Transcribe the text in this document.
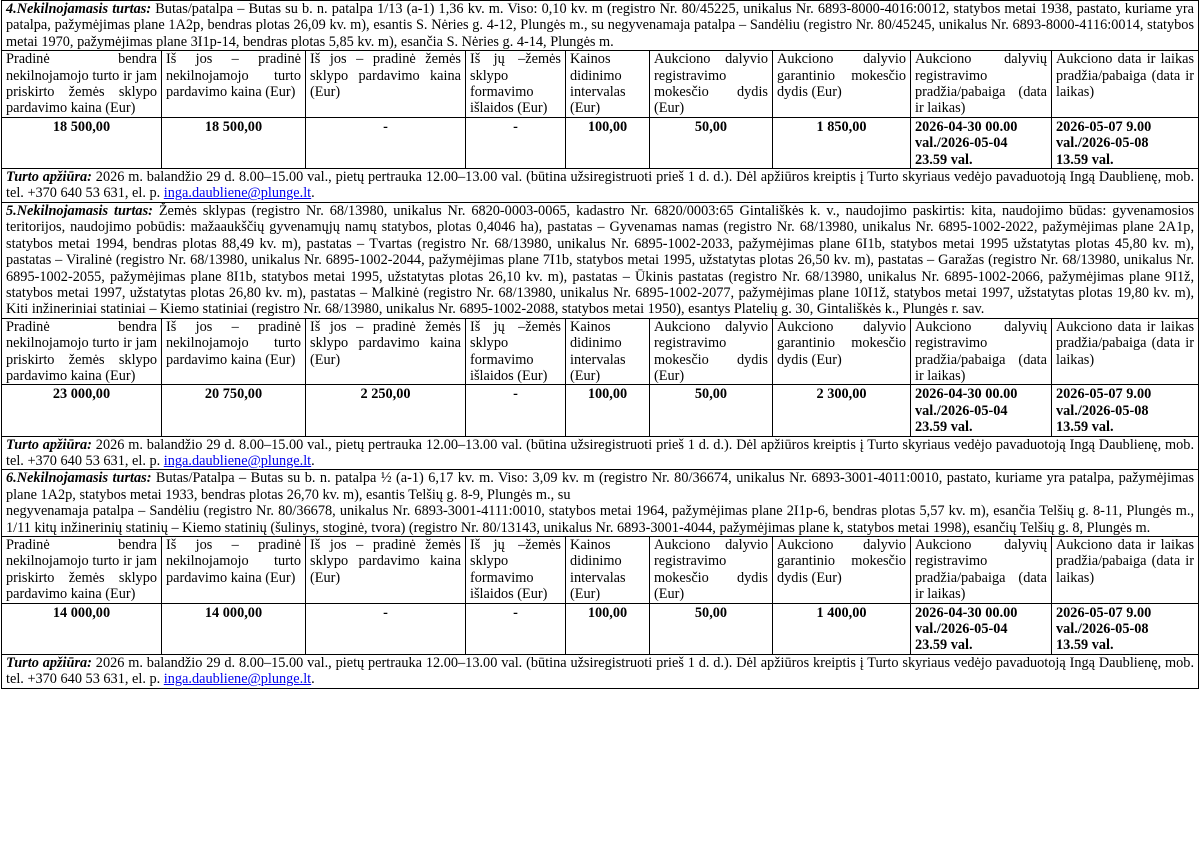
4.Nekilnojamasis turtas: Butas/patalpa – Butas su b. n. patalpa 1/13 (a-1) 1,36 kv. m. Viso: 0,10 kv. m (registro Nr. 80/45225, unikalus Nr. 6893-8000-4016:0012, statybos metai 1938, pastato, kuriame yra patalpa, pažymėjimas plane 1A2p, bendras plotas 26,09 kv. m), esantis S. Nėries g. 4-12, Plungės m., su negyvenamaja patalpa – Sandėliu (registro Nr. 80/45245, unikalus Nr. 6893-8000-4116:0014, statybos metai 1970, pažymėjimas plane 3I1p-14, bendras plotas 5,85 kv. m), esančia S. Nėries g. 4-14, Plungės m.								
Pradinė bendra nekilnojamojo turto ir jam priskirto žemės sklypo pardavimo kaina (Eur)	Iš jos – pradinė nekilnojamojo turto pardavimo kaina (Eur)	Iš jos – pradinė žemės sklypo pardavimo kaina (Eur)	Iš jų –žemės sklypo formavimo išlaidos (Eur)	Kainos didinimo intervalas (Eur)	Aukciono dalyvio registravimo mokesčio dydis (Eur)	Aukciono dalyvio garantinio mokesčio dydis (Eur)	Aukciono dalyvių registravimo pradžia/pabaiga (data ir laikas)	Aukciono data ir laikas pradžia/pabaiga (data ir laikas)
18 500,00	18 500,00	-	-	100,00	50,00	1 850,00	2026-04-30 00.00
val./2026-05-04
23.59 val.	2026-05-07 9.00
val./2026-05-08
13.59 val.

Turto apžiūra: 2026 m. balandžio 29 d. 8.00–15.00 val., pietų pertrauka 12.00–13.00 val. (būtina užsiregistruoti prieš 1 d. d.). Dėl apžiūros kreiptis į Turto skyriaus vedėjo pavaduotoją Ingą Daublienę, mob. tel. +370 640 53 631, el. p. inga.daubliene@plunge.lt.								
5.Nekilnojamasis turtas: Žemės sklypas (registro Nr. 68/13980, unikalus Nr. 6820-0003-0065, kadastro Nr. 6820/0003:65 Gintališkės k. v., naudojimo paskirtis: kita, naudojimo būdas: gyvenamosios teritorijos, naudojimo pobūdis: mažaaukščių gyvenamųjų namų statybos, plotas 0,4046 ha), pastatas – Gyvenamas namas (registro Nr. 68/13980, unikalus Nr. 6895-1002-2022, pažymėjimas plane 2A1p, statybos metai 1994, bendras plotas 88,49 kv. m), pastatas – Tvartas (registro Nr. 68/13980, unikalus Nr. 6895-1002-2033, pažymėjimas plane 6I1b, statybos metai 1995 užstatytas plotas 45,80 kv. m), pastatas – Viralinė (registro Nr. 68/13980, unikalus Nr. 6895-1002-2044, pažymėjimas plane 7I1b, statybos metai 1995, užstatytas plotas 26,50 kv. m), pastatas – Garažas (registro Nr. 68/13980, unikalus Nr. 6895-1002-2055, pažymėjimas plane 8I1b, statybos metai 1995, užstatytas plotas 26,10 kv. m), pastatas – Ūkinis pastatas (registro Nr. 68/13980, unikalus Nr. 6895-1002-2066, pažymėjimas plane 9I1ž, statybos metai 1997, užstatytas plotas 26,80 kv. m), pastatas – Malkinė (registro Nr. 68/13980, unikalus Nr. 6895-1002-2077, pažymėjimas plane 10I1ž, statybos metai 1997, užstatytas plotas 19,80 kv. m), Kiti inžineriniai statiniai – Kiemo statiniai (registro Nr. 68/13980, unikalus Nr. 6895-1002-2088, statybos metai 1950), esantys Platelių g. 30, Gintališkės k., Plungės r. sav.								
Pradinė bendra nekilnojamojo turto ir jam priskirto žemės sklypo pardavimo kaina (Eur)	Iš jos – pradinė nekilnojamojo turto pardavimo kaina (Eur)	Iš jos – pradinė žemės sklypo pardavimo kaina (Eur)	Iš jų –žemės sklypo formavimo išlaidos (Eur)	Kainos didinimo intervalas (Eur)	Aukciono dalyvio registravimo mokesčio dydis (Eur)	Aukciono dalyvio garantinio mokesčio dydis (Eur)	Aukciono dalyvių registravimo pradžia/pabaiga (data ir laikas)	Aukciono data ir laikas pradžia/pabaiga (data ir laikas)
23 000,00	20 750,00	2 250,00	-	100,00	50,00	2 300,00	2026-04-30 00.00
val./2026-05-04
23.59 val.	2026-05-07 9.00
val./2026-05-08
13.59 val.

Turto apžiūra: 2026 m. balandžio 29 d. 8.00–15.00 val., pietų pertrauka 12.00–13.00 val. (būtina užsiregistruoti prieš 1 d. d.). Dėl apžiūros kreiptis į Turto skyriaus vedėjo pavaduotoją Ingą Daublienę, mob. tel. +370 640 53 631, el. p. inga.daubliene@plunge.lt.								
6.Nekilnojamasis turtas: Butas/Patalpa – Butas su b. n. patalpa ½ (a-1) 6,17 kv. m. Viso: 3,09 kv. m (registro Nr. 80/36674, unikalus Nr. 6893-3001-4011:0010, pastato, kuriame yra patalpa, pažymėjimas plane 1A2p, statybos metai 1933, bendras plotas 26,70 kv. m), esantis Telšių g. 8-9, Plungės m., su
negyvenamaja patalpa – Sandėliu (registro Nr. 80/36678, unikalus Nr. 6893-3001-4111:0010, statybos metai 1964, pažymėjimas plane 2I1p-6, bendras plotas 5,57 kv. m), esančia Telšių g. 8-11, Plungės m., 1/11 kitų inžinerinių statinių – Kiemo statinių (šulinys, stoginė, tvora) (registro Nr. 80/13143, unikalus Nr. 6893-3001-4044, pažymėjimas plane k, statybos metai 1998), esančių Telšių g. 8, Plungės m.								

Pradinė bendra nekilnojamojo turto ir jam priskirto žemės sklypo pardavimo kaina (Eur)	Iš jos – pradinė nekilnojamojo turto pardavimo kaina (Eur)	Iš jos – pradinė žemės sklypo pardavimo kaina (Eur)	Iš jų –žemės sklypo formavimo išlaidos (Eur)	Kainos didinimo intervalas (Eur)	Aukciono dalyvio registravimo mokesčio dydis (Eur)	Aukciono dalyvio garantinio mokesčio dydis (Eur)	Aukciono dalyvių registravimo pradžia/pabaiga (data ir laikas)	Aukciono data ir laikas pradžia/pabaiga (data ir laikas)
14 000,00	14 000,00	-	-	100,00	50,00	1 400,00	2026-04-30 00.00
val./2026-05-04
23.59 val.	2026-05-07 9.00
val./2026-05-08
13.59 val.

Turto apžiūra: 2026 m. balandžio 29 d. 8.00–15.00 val., pietų pertrauka 12.00–13.00 val. (būtina užsiregistruoti prieš 1 d. d.). Dėl apžiūros kreiptis į Turto skyriaus vedėjo pavaduotoją Ingą Daublienę, mob. tel. +370 640 53 631, el. p. inga.daubliene@plunge.lt.								
